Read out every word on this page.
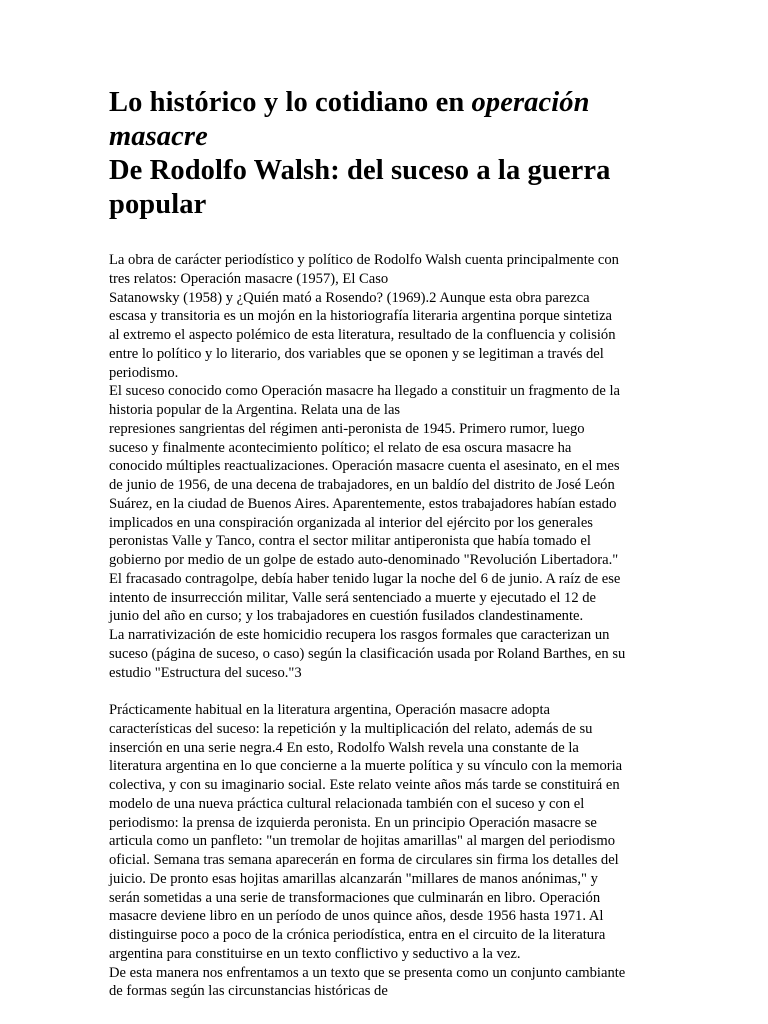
Lo histórico y lo cotidiano en operación
masacre
De Rodolfo Walsh: del suceso a la guerra
popular
La obra de carácter periodístico y político de Rodolfo Walsh cuenta principalmente con
tres relatos: Operación masacre (1957), El Caso
Satanowsky (1958) y ¿Quién mató a Rosendo? (1969).2 Aunque esta obra parezca
escasa y transitoria es un mojón en la historiografía literaria argentina porque sintetiza
al extremo el aspecto polémico de esta literatura, resultado de la confluencia y colisión
entre lo político y lo literario, dos variables que se oponen y se legitiman a través del
periodismo.
El suceso conocido como Operación masacre ha llegado a constituir un fragmento de la
historia popular de la Argentina. Relata una de las
represiones sangrientas del régimen anti-peronista de 1945. Primero rumor, luego
suceso y finalmente acontecimiento político; el relato de esa oscura masacre ha
conocido múltiples reactualizaciones. Operación masacre cuenta el asesinato, en el mes
de junio de 1956, de una decena de trabajadores, en un baldío del distrito de José León
Suárez, en la ciudad de Buenos Aires. Aparentemente, estos trabajadores habían estado
implicados en una conspiración organizada al interior del ejército por los generales
peronistas Valle y Tanco, contra el sector militar antiperonista que había tomado el
gobierno por medio de un golpe de estado auto-denominado "Revolución Libertadora."
El fracasado contragolpe, debía haber tenido lugar la noche del 6 de junio. A raíz de ese
intento de insurrección militar, Valle será sentenciado a muerte y ejecutado el 12 de
junio del año en curso; y los trabajadores en cuestión fusilados clandestinamente.
La narrativización de este homicidio recupera los rasgos formales que caracterizan un
suceso (página de suceso, o caso) según la clasificación usada por Roland Barthes, en su
estudio "Estructura del suceso."3
Prácticamente habitual en la literatura argentina, Operación masacre adopta
características del suceso: la repetición y la multiplicación del relato, además de su
inserción en una serie negra.4 En esto, Rodolfo Walsh revela una constante de la
literatura argentina en lo que concierne a la muerte política y su vínculo con la memoria
colectiva, y con su imaginario social. Este relato veinte años más tarde se constituirá en
modelo de una nueva práctica cultural relacionada también con el suceso y con el
periodismo: la prensa de izquierda peronista. En un principio Operación masacre se
articula como un panfleto: "un tremolar de hojitas amarillas" al margen del periodismo
oficial. Semana tras semana aparecerán en forma de circulares sin firma los detalles del
juicio. De pronto esas hojitas amarillas alcanzarán "millares de manos anónimas," y
serán sometidas a una serie de transformaciones que culminarán en libro. Operación
masacre deviene libro en un período de unos quince años, desde 1956 hasta 1971. Al
distinguirse poco a poco de la crónica periodística, entra en el circuito de la literatura
argentina para constituirse en un texto conflictivo y seductivo a la vez.
De esta manera nos enfrentamos a un texto que se presenta como un conjunto cambiante
de formas según las circunstancias históricas de
